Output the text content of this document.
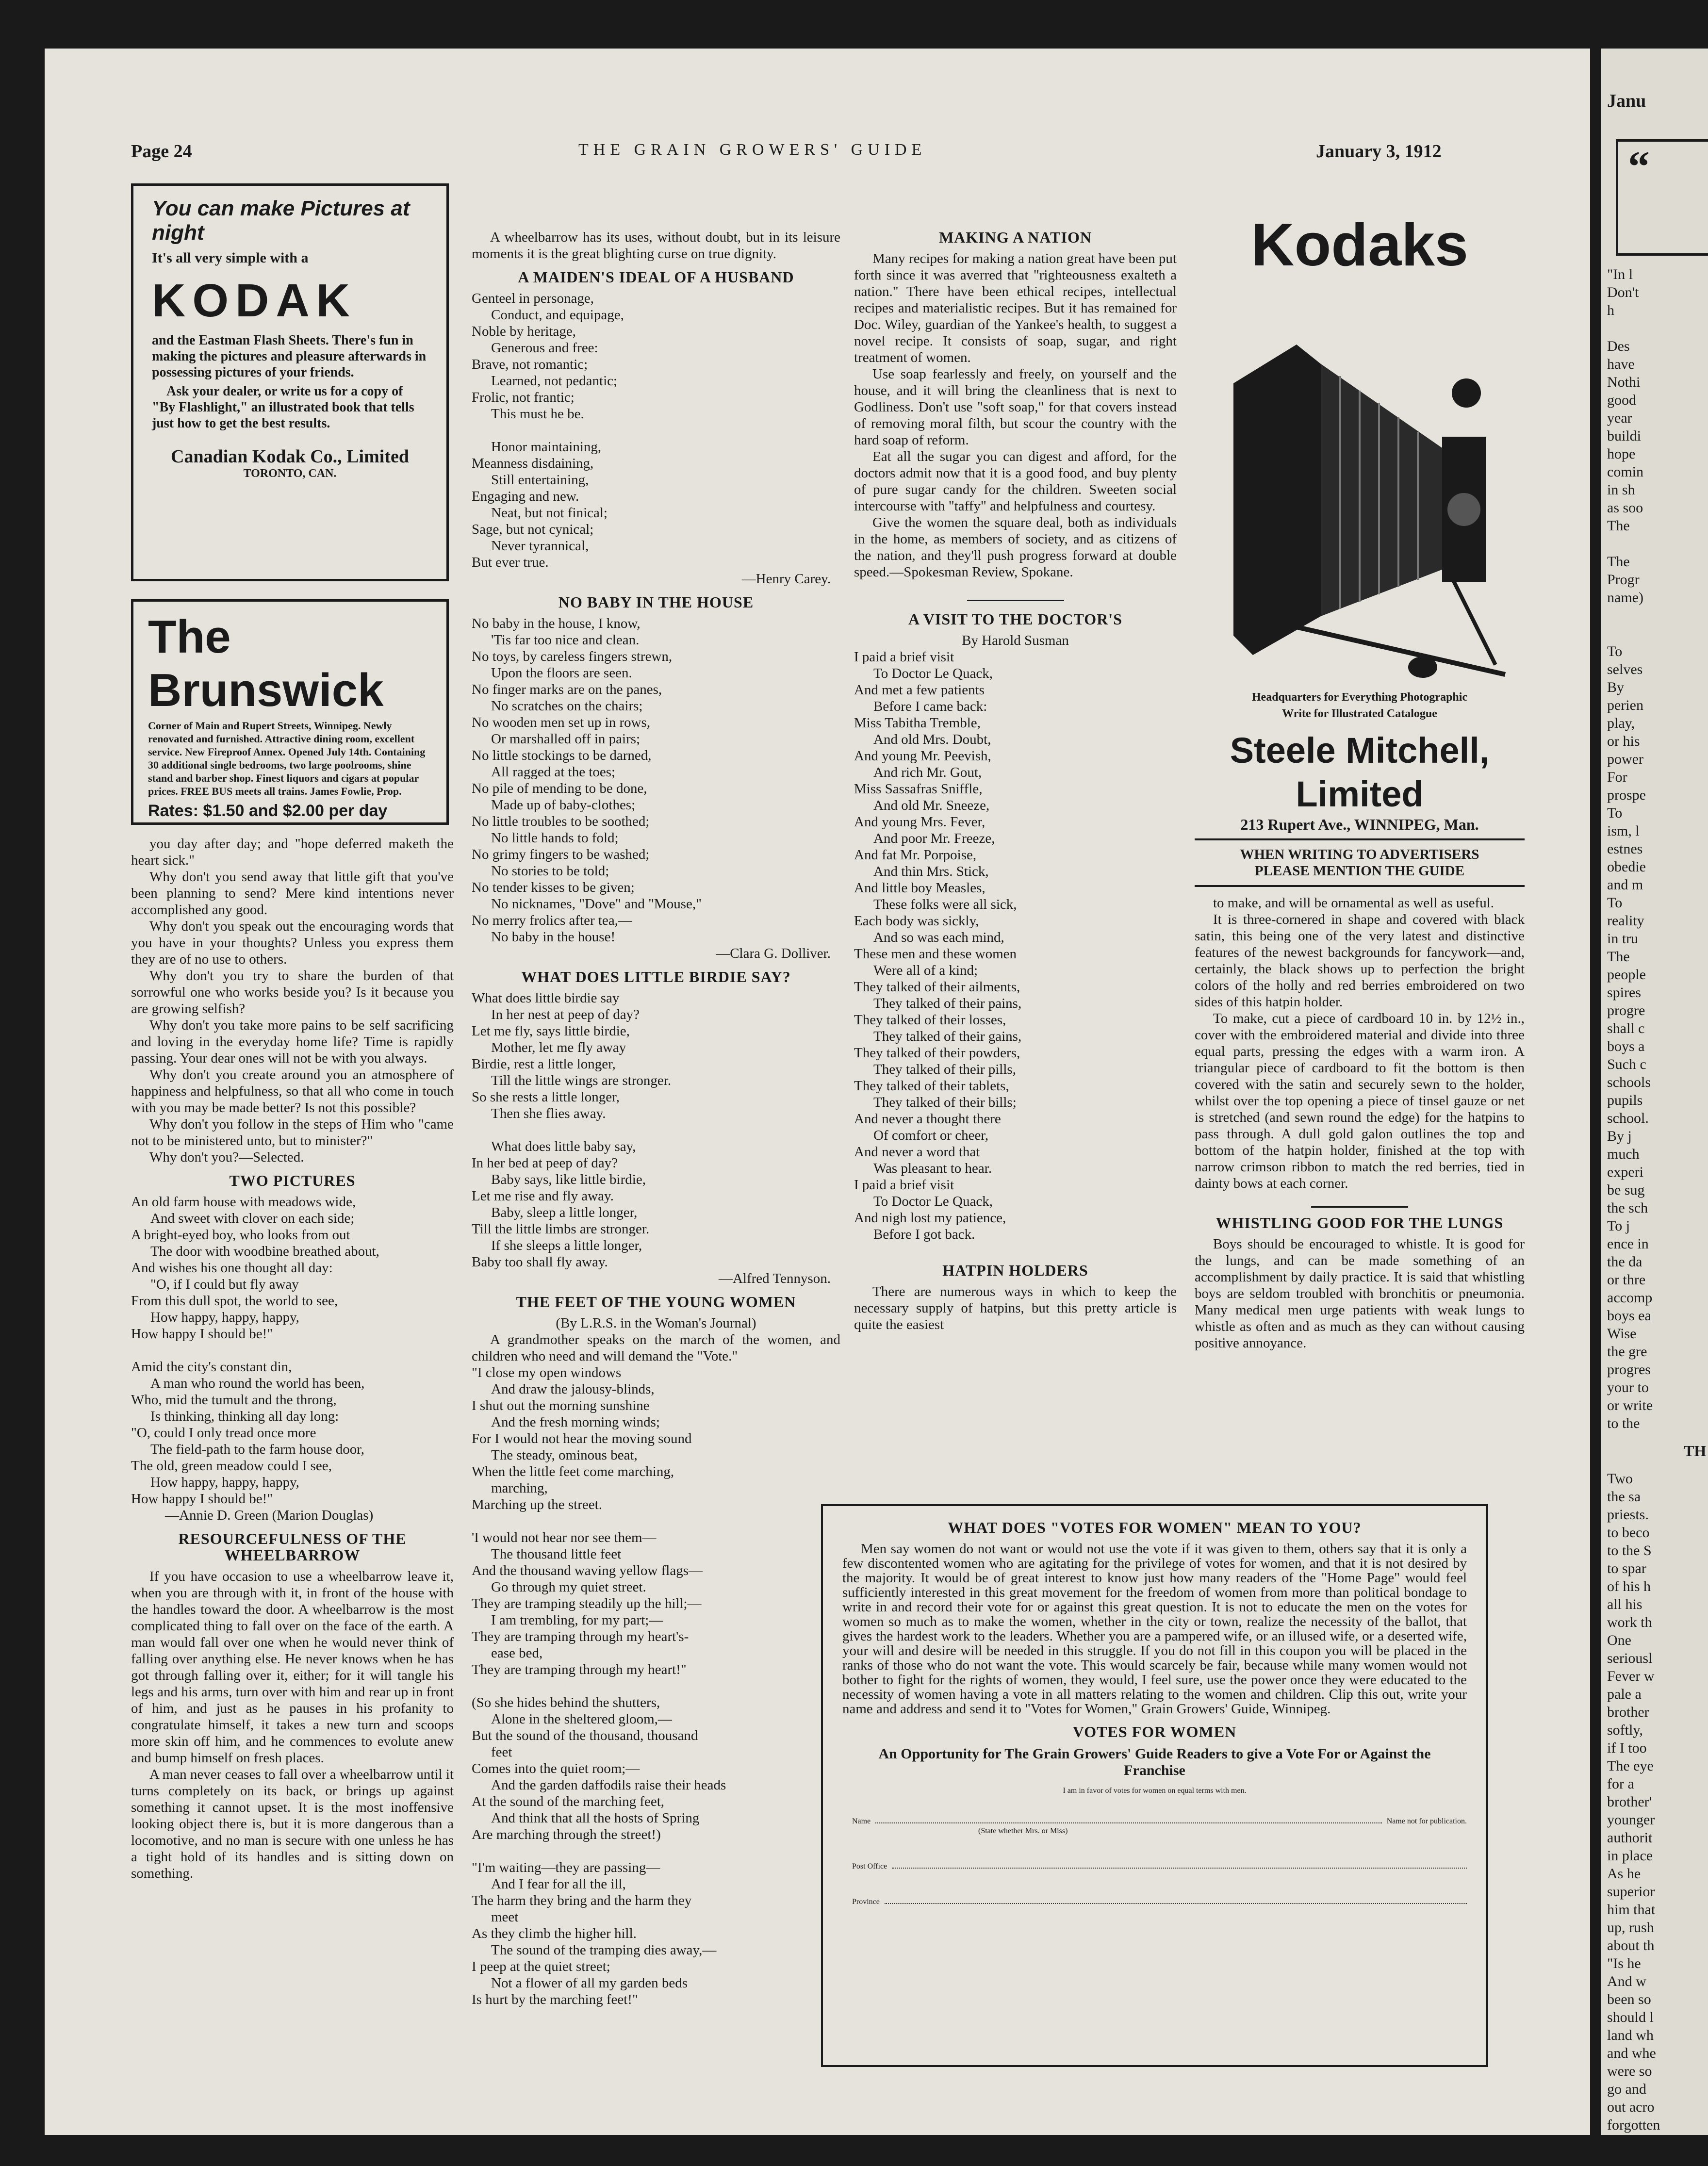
Page 24	THE GRAIN GROWERS' GUIDE	January 3, 1912
You can make Pictures at night
It's all very simple with a
KODAK
and the Eastman Flash Sheets. There's fun in making the pictures and pleasure afterwards in possessing pictures of your friends.
Ask your dealer, or write us for a copy of "By Flashlight," an illustrated book that tells just how to get the best results.
Canadian Kodak Co., Limited
TORONTO, CAN.
The Brunswick
Corner of Main and Rupert Streets, Winnipeg. Newly renovated and furnished. Attractive dining room, excellent service. New Fireproof Annex. Opened July 14th. Containing 30 additional single bedrooms, two large poolrooms, shine stand and barber shop. Finest liquors and cigars at popular prices. FREE BUS meets all trains. James Fowlie, Prop.
Rates: $1.50 and $2.00 per day

you day after day; and "hope deferred maketh the heart sick."

Why don't you send away that little gift that you've been planning to send? Mere kind intentions never accomplished any good.

Why don't you speak out the encouraging words that you have in your thoughts? Unless you express them they are of no use to others.

Why don't you try to share the burden of that sorrowful one who works beside you? Is it because you are growing selfish?

Why don't you take more pains to be self sacrificing and loving in the everyday home life? Time is rapidly passing. Your dear ones will not be with you always.

Why don't you create around you an atmosphere of happiness and helpfulness, so that all who come in touch with you may be made better? Is not this possible?

Why don't you follow in the steps of Him who "came not to be ministered unto, but to minister?"

Why don't you?—Selected.

TWO PICTURES

An old farm house with meadows wide,

And sweet with clover on each side;

A bright-eyed boy, who looks from out

The door with woodbine breathed about,

And wishes his one thought all day:

"O, if I could but fly away

From this dull spot, the world to see,

How happy, happy, happy,

How happy I should be!"

Amid the city's constant din,

A man who round the world has been,

Who, mid the tumult and the throng,

Is thinking, thinking all day long:

"O, could I only tread once more

The field-path to the farm house door,

The old, green meadow could I see,

How happy, happy, happy,

How happy I should be!"

—Annie D. Green (Marion Douglas)

RESOURCEFULNESS OF THE WHEELBARROW

If you have occasion to use a wheelbarrow leave it, when you are through with it, in front of the house with the handles toward the door. A wheelbarrow is the most complicated thing to fall over on the face of the earth. A man would fall over one when he would never think of falling over anything else. He never knows when he has got through falling over it, either; for it will tangle his legs and his arms, turn over with him and rear up in front of him, and just as he pauses in his profanity to congratulate himself, it takes a new turn and scoops more skin off him, and he commences to evolute anew and bump himself on fresh places.

A man never ceases to fall over a wheelbarrow until it turns completely on its back, or brings up against something it cannot upset. It is the most inoffensive looking object there is, but it is more dangerous than a locomotive, and no man is secure with one unless he has a tight hold of its handles and is sitting down on something.

A wheelbarrow has its uses, without doubt, but in its leisure moments it is the great blighting curse on true dignity.

A MAIDEN'S IDEAL OF A HUSBAND

Genteel in personage,

Conduct, and equipage,

Noble by heritage,

Generous and free:

Brave, not romantic;

Learned, not pedantic;

Frolic, not frantic;

This must he be.

Honor maintaining,

Meanness disdaining,

Still entertaining,

Engaging and new.

Neat, but not finical;

Sage, but not cynical;

Never tyrannical,

But ever true.

—Henry Carey.

NO BABY IN THE HOUSE

No baby in the house, I know,

'Tis far too nice and clean.

No toys, by careless fingers strewn,

Upon the floors are seen.

No finger marks are on the panes,

No scratches on the chairs;

No wooden men set up in rows,

Or marshalled off in pairs;

No little stockings to be darned,

All ragged at the toes;

No pile of mending to be done,

Made up of baby-clothes;

No little troubles to be soothed;

No little hands to fold;

No grimy fingers to be washed;

No stories to be told;

No tender kisses to be given;

No nicknames, "Dove" and "Mouse,"

No merry frolics after tea,—

No baby in the house!

—Clara G. Dolliver.

WHAT DOES LITTLE BIRDIE SAY?

What does little birdie say

In her nest at peep of day?

Let me fly, says little birdie,

Mother, let me fly away

Birdie, rest a little longer,

Till the little wings are stronger.

So she rests a little longer,

Then she flies away.

What does little baby say,

In her bed at peep of day?

Baby says, like little birdie,

Let me rise and fly away.

Baby, sleep a little longer,

Till the little limbs are stronger.

If she sleeps a little longer,

Baby too shall fly away.

—Alfred Tennyson.

THE FEET OF THE YOUNG WOMEN

(By L.R.S. in the Woman's Journal)

A grandmother speaks on the march of the women, and children who need and will demand the "Vote."

"I close my open windows

And draw the jalousy-blinds,

I shut out the morning sunshine

And the fresh morning winds;

For I would not hear the moving sound

The steady, ominous beat,

When the little feet come marching,

marching,

Marching up the street.

'I would not hear nor see them—

The thousand little feet

And the thousand waving yellow flags—

Go through my quiet street.

They are tramping steadily up the hill;—

I am trembling, for my part;—

They are tramping through my heart's-

ease bed,

They are tramping through my heart!"

(So she hides behind the shutters,

Alone in the sheltered gloom,—

But the sound of the thousand, thousand

feet

Comes into the quiet room;—

And the garden daffodils raise their heads

At the sound of the marching feet,

And think that all the hosts of Spring

Are marching through the street!)

"I'm waiting—they are passing—

And I fear for all the ill,

The harm they bring and the harm they

meet

As they climb the higher hill.

The sound of the tramping dies away,—

I peep at the quiet street;

Not a flower of all my garden beds

Is hurt by the marching feet!"

MAKING A NATION

Many recipes for making a nation great have been put forth since it was averred that "righteousness exalteth a nation." There have been ethical recipes, intellectual recipes and materialistic recipes. But it has remained for Doc. Wiley, guardian of the Yankee's health, to suggest a novel recipe. It consists of soap, sugar, and right treatment of women.

Use soap fearlessly and freely, on yourself and the house, and it will bring the cleanliness that is next to Godliness. Don't use "soft soap," for that covers instead of removing moral filth, but scour the country with the hard soap of reform.

Eat all the sugar you can digest and afford, for the doctors admit now that it is a good food, and buy plenty of pure sugar candy for the children. Sweeten social intercourse with "taffy" and helpfulness and courtesy.

Give the women the square deal, both as individuals in the home, as members of society, and as citizens of the nation, and they'll push progress forward at double speed.—Spokesman Review, Spokane.

A VISIT TO THE DOCTOR'S

By Harold Susman

I paid a brief visit

To Doctor Le Quack,

And met a few patients

Before I came back:

Miss Tabitha Tremble,

And old Mrs. Doubt,

And young Mr. Peevish,

And rich Mr. Gout,

Miss Sassafras Sniffle,

And old Mr. Sneeze,

And young Mrs. Fever,

And poor Mr. Freeze,

And fat Mr. Porpoise,

And thin Mrs. Stick,

And little boy Measles,

These folks were all sick,

Each body was sickly,

And so was each mind,

These men and these women

Were all of a kind;

They talked of their ailments,

They talked of their pains,

They talked of their losses,

They talked of their gains,

They talked of their powders,

They talked of their pills,

They talked of their tablets,

They talked of their bills;

And never a thought there

Of comfort or cheer,

And never a word that

Was pleasant to hear.

I paid a brief visit

To Doctor Le Quack,

And nigh lost my patience,

Before I got back.

HATPIN HOLDERS

There are numerous ways in which to keep the necessary supply of hatpins, but this pretty article is quite the easiest

Kodaks
Headquarters for Everything Photographic
Write for Illustrated Catalogue
Steele Mitchell, Limited
213 Rupert Ave., WINNIPEG, Man.
WHEN WRITING TO ADVERTISERS
PLEASE MENTION THE GUIDE

to make, and will be ornamental as well as useful.

It is three-cornered in shape and covered with black satin, this being one of the very latest and distinctive features of the newest backgrounds for fancywork—and, certainly, the black shows up to perfection the bright colors of the holly and red berries embroidered on two sides of this hatpin holder.

To make, cut a piece of cardboard 10 in. by 12½ in., cover with the embroidered material and divide into three equal parts, pressing the edges with a warm iron. A triangular piece of cardboard to fit the bottom is then covered with the satin and securely sewn to the holder, whilst over the top opening a piece of tinsel gauze or net is stretched (and sewn round the edge) for the hatpins to pass through. A dull gold galon outlines the top and bottom of the hatpin holder, finished at the top with narrow crimson ribbon to match the red berries, tied in dainty bows at each corner.

WHISTLING GOOD FOR THE LUNGS

Boys should be encouraged to whistle. It is good for the lungs, and can be made something of an accomplishment by daily practice. It is said that whistling boys are seldom troubled with bronchitis or pneumonia. Many medical men urge patients with weak lungs to whistle as often and as much as they can without causing positive annoyance.

WHAT DOES "VOTES FOR WOMEN" MEAN TO YOU?

Men say women do not want or would not use the vote if it was given to them, others say that it is only a few discontented women who are agitating for the privilege of votes for women, and that it is not desired by the majority. It would be of great interest to know just how many readers of the "Home Page" would feel sufficiently interested in this great movement for the freedom of women from more than political bondage to write in and record their vote for or against this great question. It is not to educate the men on the votes for women so much as to make the women, whether in the city or town, realize the necessity of the ballot, that gives the hardest work to the leaders. Whether you are a pampered wife, or an illused wife, or a deserted wife, your will and desire will be needed in this struggle. If you do not fill in this coupon you will be placed in the ranks of those who do not want the vote. This would scarcely be fair, because while many women would not bother to fight for the rights of women, they would, I feel sure, use the power once they were educated to the necessity of women having a vote in all matters relating to the women and children. Clip this out, write your name and address and send it to "Votes for Women," Grain Growers' Guide, Winnipeg.

VOTES FOR WOMEN
An Opportunity for The Grain Growers' Guide Readers to give a Vote For or Against the Franchise

I am in favor of votes for women on equal terms with men.

Name	Name not for publication.

(State whether Mrs. or Miss)

Post Office
Province

Janu

“

"In l

Don't

h

Des

have

Nothi

good

year

buildi

hope

comin

in sh

as soo

The

The

Progr

name)

To

selves

By

perien

play,

or his

power

For

prospe

To

ism, l

estnes

obedie

and m

To

reality

in tru

The

people

spires

progre

shall c

boys a

Such c

schools

pupils

school.

By j

much

experi

be sug

the sch

To j

ence in

the da

or thre

accomp

boys ea

Wise

the gre

progres

your to

or write

to the

TH

Two

the sa

priests.

to beco

to the S

to spar

of his h

all his

work th

One

seriousl

Fever w

pale a

brother

softly,

if I too

The eye

for a

brother'

younger

authorit

in place

As he

superior

him that

up, rush

about th

"Is he

And w

been so

should l

land wh

and whe

were so

go and

out acro

forgotten
